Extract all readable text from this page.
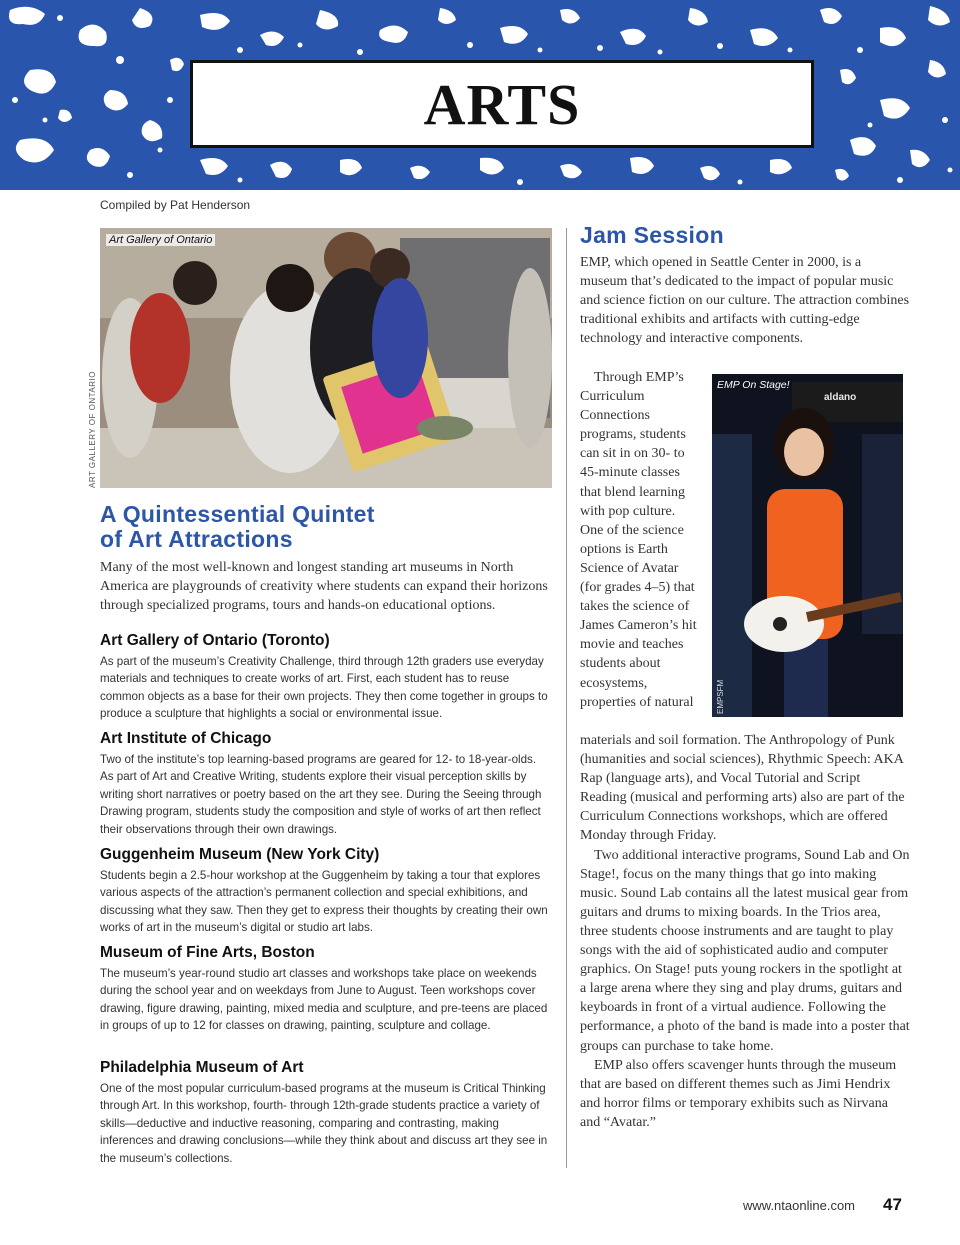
ARTS
Compiled by Pat Henderson
Art Gallery of Ontario
ART GALLERY OF ONTARIO
A Quintessential Quintet
of Art Attractions
Many of the most well-known and longest standing art museums in North America are playgrounds of creativity where students can expand their horizons through specialized programs, tours and hands-on educational options.
Art Gallery of Ontario (Toronto)

As part of the museum’s Creativity Challenge, third through 12th graders use everyday materials and techniques to create works of art. First, each student has to reuse common objects as a base for their own projects. They then come together in groups to produce a sculpture that highlights a social or environmental issue.

Art Institute of Chicago

Two of the institute’s top learning-based programs are geared for 12- to 18-year-olds. As part of Art and Creative Writing, students explore their visual perception skills by writing short narratives or poetry based on the art they see. During the Seeing through Drawing program, students study the composition and style of works of art then reflect their observations through their own drawings.

Guggenheim Museum (New York City)

Students begin a 2.5-hour workshop at the Guggenheim by taking a tour that explores various aspects of the attraction’s permanent collection and special exhibitions, and discussing what they saw. Then they get to express their thoughts by creating their own works of art in the museum’s digital or studio art labs.

Museum of Fine Arts, Boston

The museum’s year-round studio art classes and workshops take place on weekends during the school year and on weekdays from June to August. Teen workshops cover drawing, figure drawing, painting, mixed media and sculpture, and pre-teens are placed in groups of up to 12 for classes on drawing, painting, sculpture and collage.

Philadelphia Museum of Art

One of the most popular curriculum-based programs at the museum is Critical Thinking through Art. In this workshop, fourth- through 12th-grade students practice a variety of skills—deductive and inductive reasoning, comparing and contrasting, making inferences and drawing conclusions—while they think about and discuss art they see in the museum’s collections.

Jam Session

EMP, which opened in Seattle Center in 2000, is a museum that’s dedicated to the impact of popular music and science fiction on our culture. The attraction combines traditional exhibits and artifacts with cutting-edge technology and interactive components.

Through EMP’s Curriculum Connections programs, students can sit in on 30- to 45-minute classes that blend learning with pop culture. One of the science options is Earth Science of Avatar (for grades 4–5) that takes the science of James Cameron’s hit movie and teaches students about ecosystems, properties of natural

aldano
EMP On Stage!
EMPSFM

materials and soil formation. The Anthropology of Punk (humanities and social sciences), Rhythmic Speech: AKA Rap (language arts), and Vocal Tutorial and Script Reading (musical and performing arts) also are part of the Curriculum Connections workshops, which are offered Monday through Friday.

Two additional interactive programs, Sound Lab and On Stage!, focus on the many things that go into making music. Sound Lab contains all the latest musical gear from guitars and drums to mixing boards. In the Trios area, three students choose instruments and are taught to play songs with the aid of sophisticated audio and computer graphics. On Stage! puts young rockers in the spotlight at a large arena where they sing and play drums, guitars and keyboards in front of a virtual audience. Following the performance, a photo of the band is made into a poster that groups can purchase to take home.

EMP also offers scavenger hunts through the museum that are based on different themes such as Jimi Hendrix and horror films or temporary exhibits such as Nirvana and “Avatar.”

www.ntaonline.com 47
